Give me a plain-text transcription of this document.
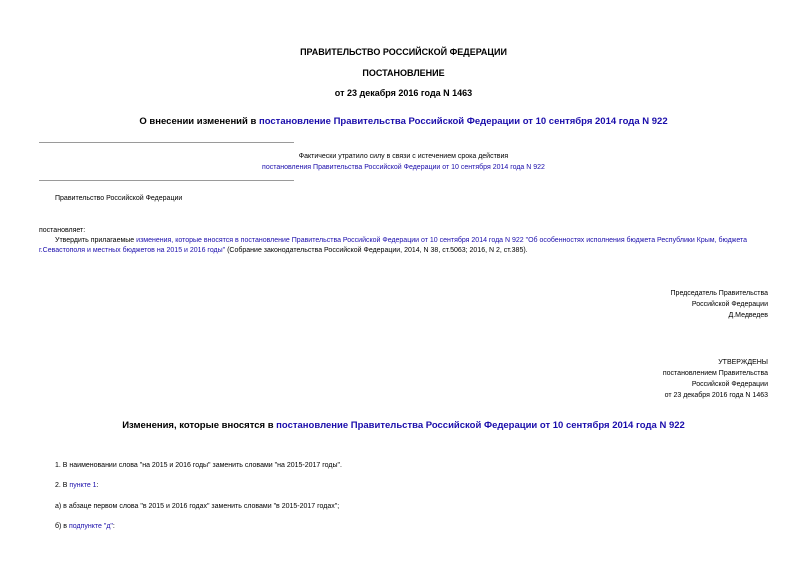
ПРАВИТЕЛЬСТВО РОССИЙСКОЙ ФЕДЕРАЦИИ
ПОСТАНОВЛЕНИЕ
от 23 декабря 2016 года N 1463
О внесении изменений в постановление Правительства Российской Федерации от 10 сентября 2014 года N 922
Фактически утратило силу в связи с истечением срока действия
постановления Правительства Российской Федерации от 10 сентября 2014 года N 922
Правительство Российской Федерации
постановляет:
Утвердить прилагаемые изменения, которые вносятся в постановление Правительства Российской Федерации от 10 сентября 2014 года N 922 "Об особенностях исполнения бюджета Республики Крым, бюджета
г.Севастополя и местных бюджетов на 2015 и 2016 годы" (Собрание законодательства Российской Федерации, 2014, N 38, ст.5063; 2016, N 2, ст.385).
Председатель Правительства
Российской Федерации
Д.Медведев
УТВЕРЖДЕНЫ
постановлением Правительства
Российской Федерации
от 23 декабря 2016 года N 1463
Изменения, которые вносятся в постановление Правительства Российской Федерации от 10 сентября 2014 года N 922
1. В наименовании слова "на 2015 и 2016 годы" заменить словами "на 2015-2017 годы".
2. В пункте 1:
а) в абзаце первом слова "в 2015 и 2016 годах" заменить словами "в 2015-2017 годах";
б) в подпункте "д":
